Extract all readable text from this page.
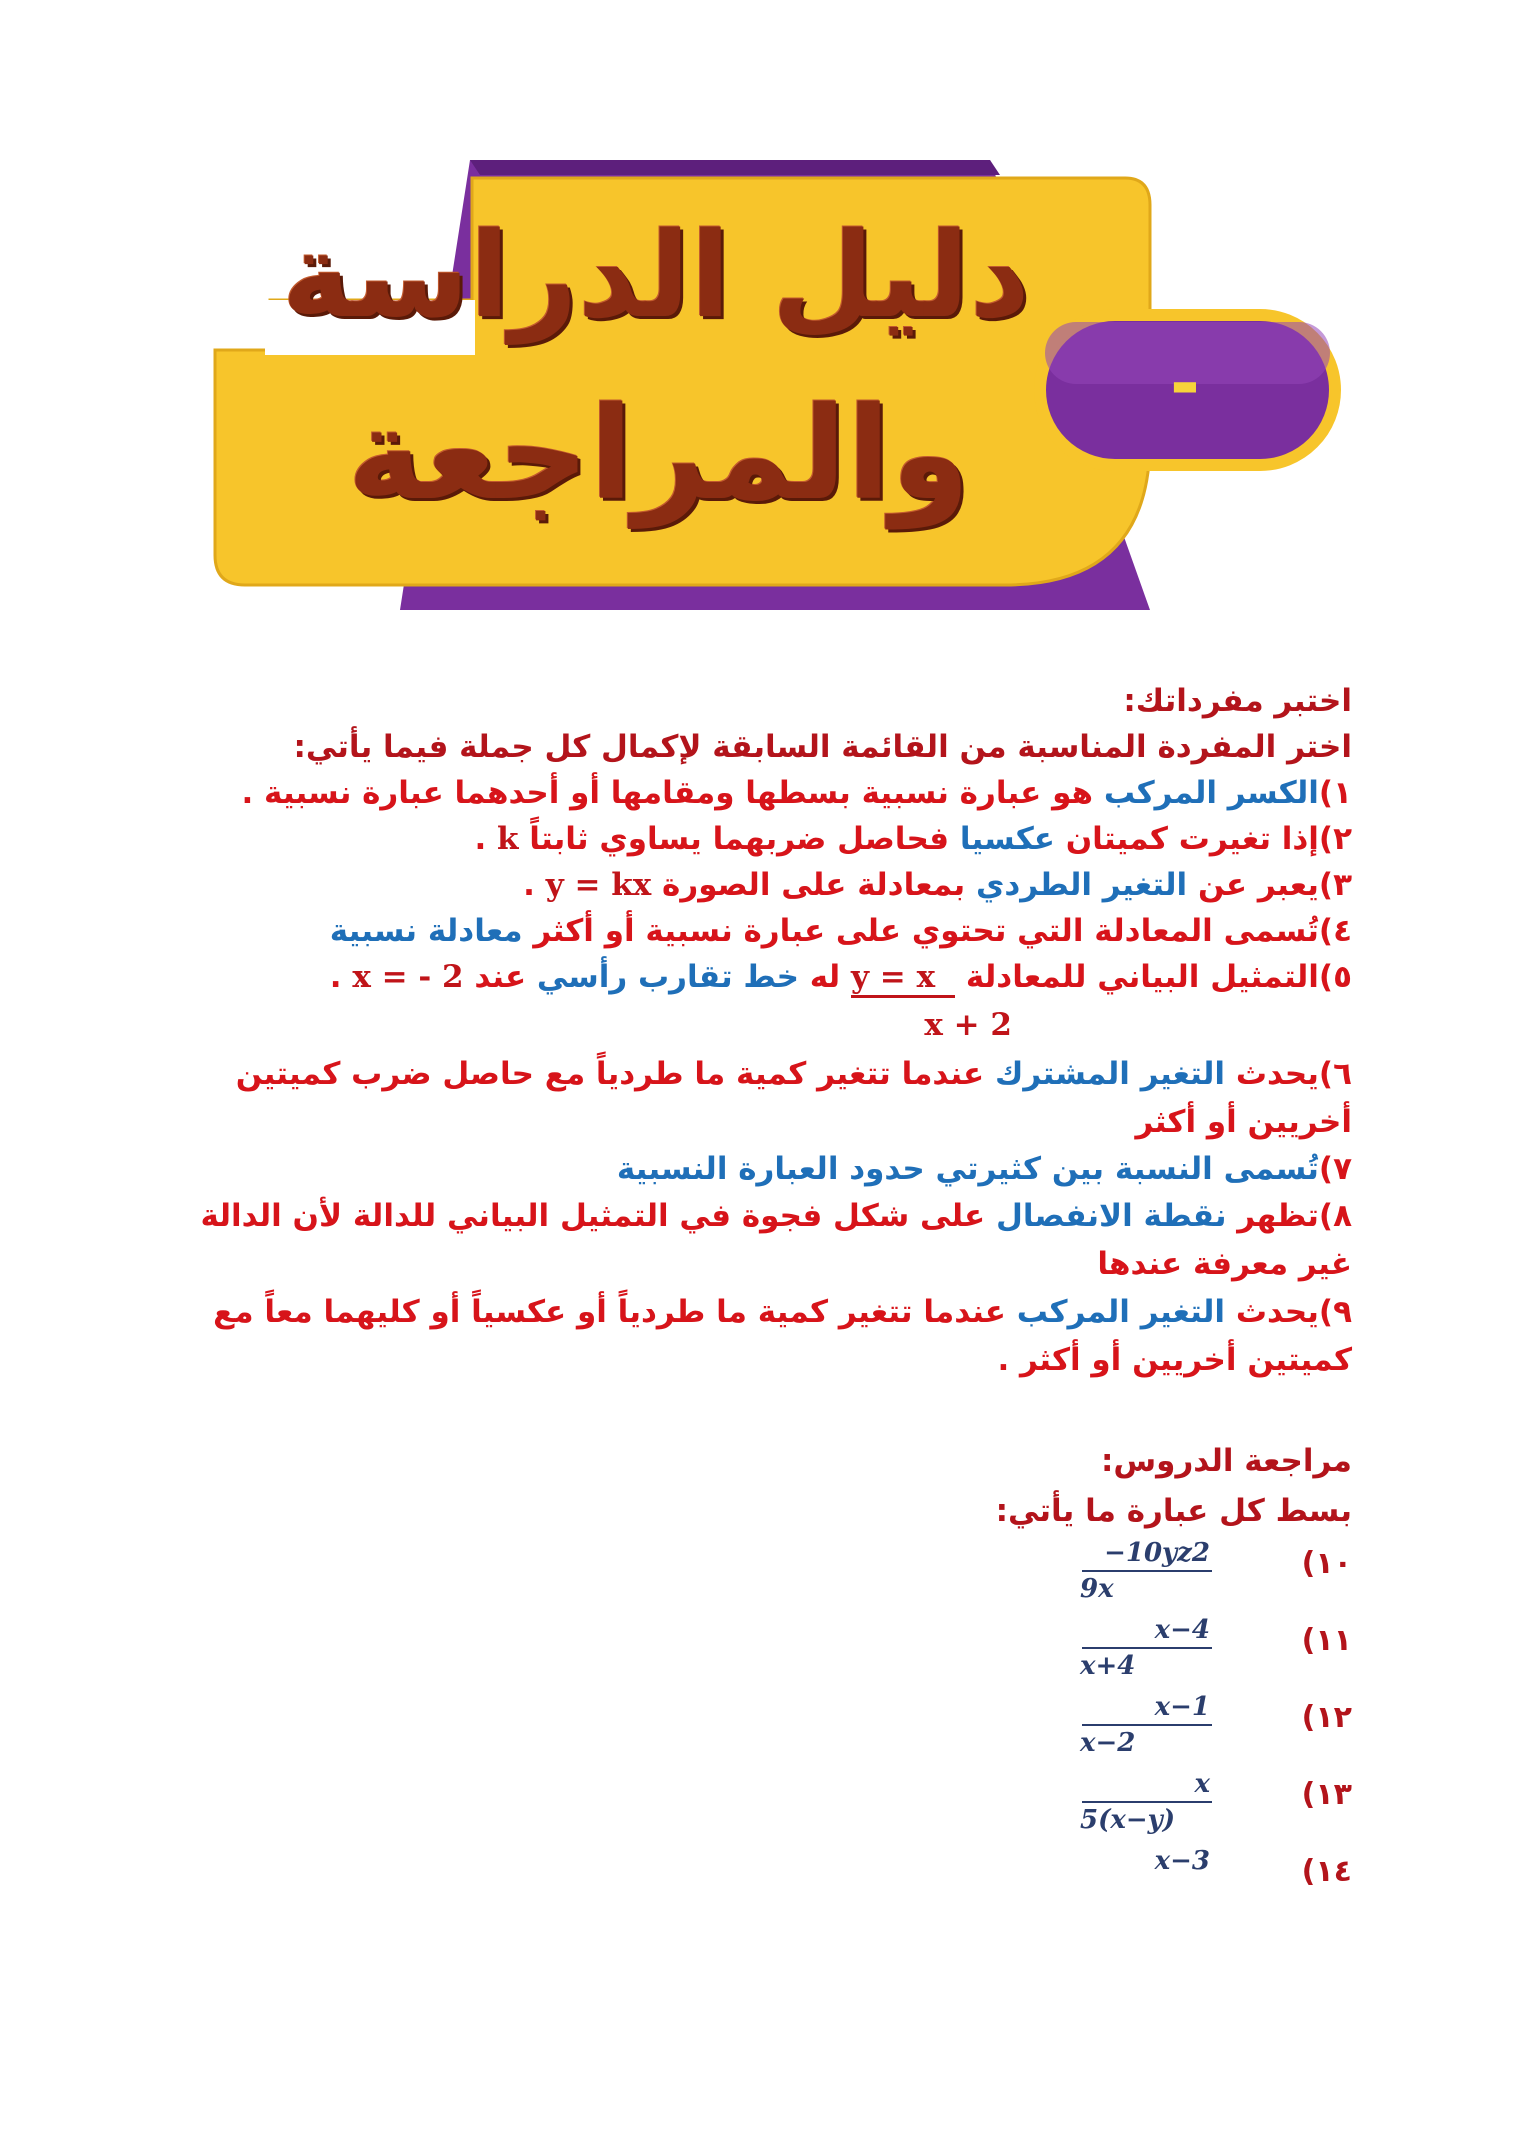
دليل الدراسة
والمراجعة	-
اختبر مفرداتك:
اختر المفردة المناسبة من القائمة السابقة لإكمال كل جملة فيما يأتي:
١)الكسر المركب هو عبارة نسبية بسطها ومقامها أو أحدهما عبارة نسبية .
٢)إذا تغيرت كميتان عكسيا فحاصل ضربهما يساوي ثابتاً k .
٣)يعبر عن التغير الطردي بمعادلة على الصورة y = kx .
٤)تُسمى المعادلة التي تحتوي على عبارة نسبية أو أكثر معادلة نسبية
٥)التمثيل البياني للمعادلة y = x له خط تقارب رأسي عند x = - 2 .
x + 2
٦)يحدث التغير المشترك عندما تتغير كمية ما طردياً مع حاصل ضرب كميتين أخريين أو أكثر
٧)تُسمى النسبة بين كثيرتي حدود العبارة النسبية
٨)تظهر نقطة الانفصال على شكل فجوة في التمثيل البياني للدالة لأن الدالة غير معرفة عندها
٩)يحدث التغير المركب عندما تتغير كمية ما طردياً أو عكسياً أو كليهما معاً مع كميتين أخريين أو أكثر .
مراجعة الدروس:
بسط كل عبارة ما يأتي:
١٠)
−10yz2
9x
١١)
x−4
x+4
١٢)
x−1
x−2
١٣)
x
5(x−y)
١٤)
x−3
